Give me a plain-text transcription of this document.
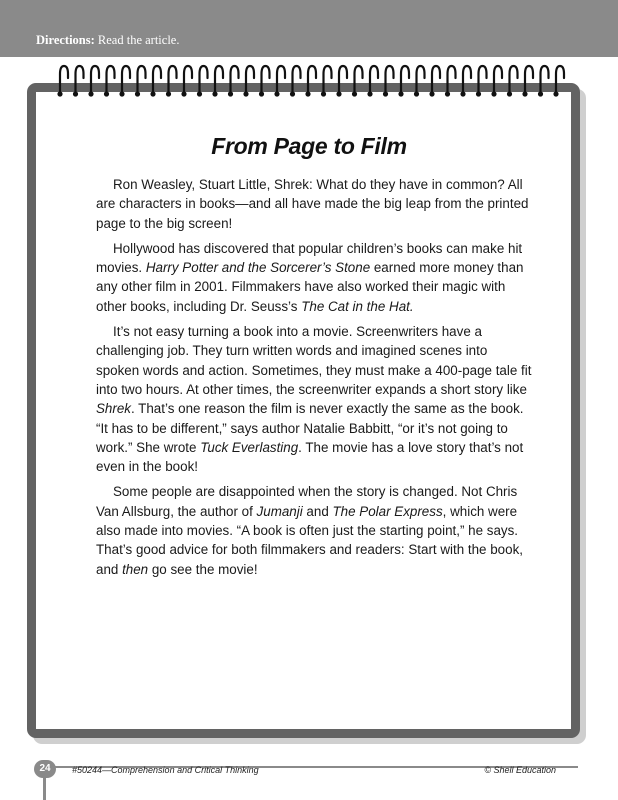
Directions: Read the article.
From Page to Film

Ron Weasley, Stuart Little, Shrek: What do they have in common? All are characters in books—and all have made the big leap from the printed page to the big screen!

Hollywood has discovered that popular children’s books can make hit movies. Harry Potter and the Sorcerer’s Stone earned more money than any other film in 2001. Filmmakers have also worked their magic with other books, including Dr. Seuss’s The Cat in the Hat.

It’s not easy turning a book into a movie. Screenwriters have a challenging job. They turn written words and imagined scenes into spoken words and action. Sometimes, they must make a 400-page tale fit into two hours. At other times, the screenwriter expands a short story like Shrek. That’s one reason the film is never exactly the same as the book. “It has to be different,” says author Natalie Babbitt, “or it’s not going to work.” She wrote Tuck Everlasting. The movie has a love story that’s not even in the book!

Some people are disappointed when the story is changed. Not Chris Van Allsburg, the author of Jumanji and The Polar Express, which were also made into movies. “A book is often just the starting point,” he says. That’s good advice for both filmmakers and readers: Start with the book, and then go see the movie!

24	#50244—Comprehension and Critical Thinking	© Shell Education
